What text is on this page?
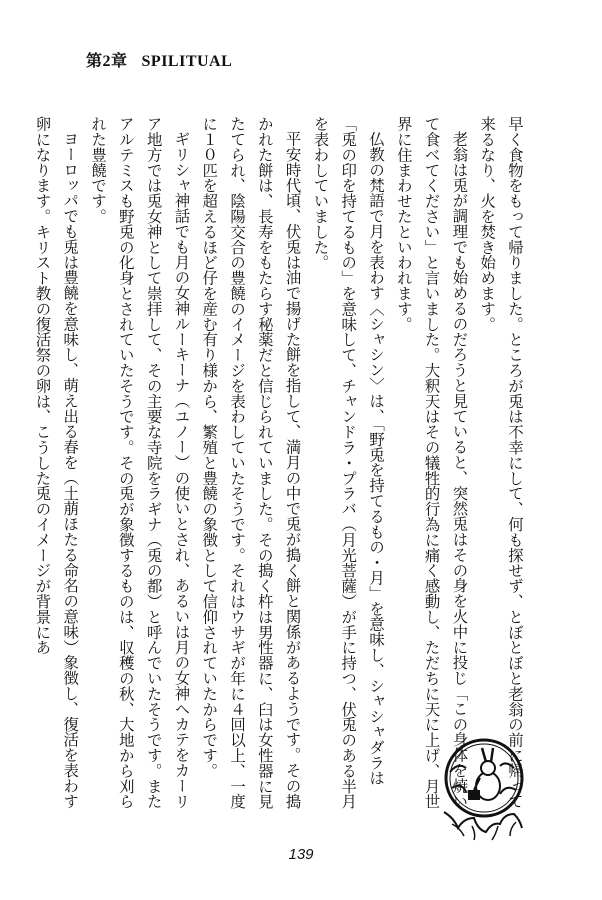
第2章 SPILITUAL

早く食物をもって帰りました。ところが兎は不幸にして、何も探せず、とぼとぼと老翁の前に帰って来るなり、火を焚き始めます。

老翁は兎が調理でも始めるのだろうと見ていると、突然兎はその身を火中に投じ「この身体を焼いて食べてください」と言いました。大釈天はその犠牲的行為に痛く感動し、ただちに天に上げ、月世界に住まわせたといわれます。

仏教の梵語で月を表わす〈シャシン〉は、「野兎を持てるもの・月」を意味し、シャシャダラは「兎の印を持てるもの」を意味して、チャンドラ・プラバ（月光菩薩）が手に持つ、伏兎のある半月を表わしていました。

平安時代頃、伏兎は油で揚げた餅を指して、満月の中で兎が搗く餅と関係があるようです。その搗かれた餅は、長寿をもたらす秘薬だと信じられていました。その搗く杵は男性器に、臼は女性器に見たてられ、陰陽交合の豊饒のイメージを表わしていたそうです。それはウサギが年に４回以上、一度に１０匹を超えるほど仔を産む有り様から、繁殖と豊饒の象徴として信仰されていたからです。

ギリシャ神話でも月の女神ルーキーナ（ユノー）の使いとされ、あるいは月の女神ヘカテをカーリア地方では兎女神として崇拝して、その主要な寺院をラギナ（兎の都）と呼んでいたそうです。またアルテミスも野兎の化身とされていたそうです。その兎が象徴するものは、収穫の秋、大地から刈られた豊饒です。

ヨーロッパでも兎は豊饒を意味し、萌え出る春を（土萠ほたる命名の意味）象徴し、復活を表わす卵になります。キリスト教の復活祭の卵は、こうした兎のイメージが背景にあ

139
